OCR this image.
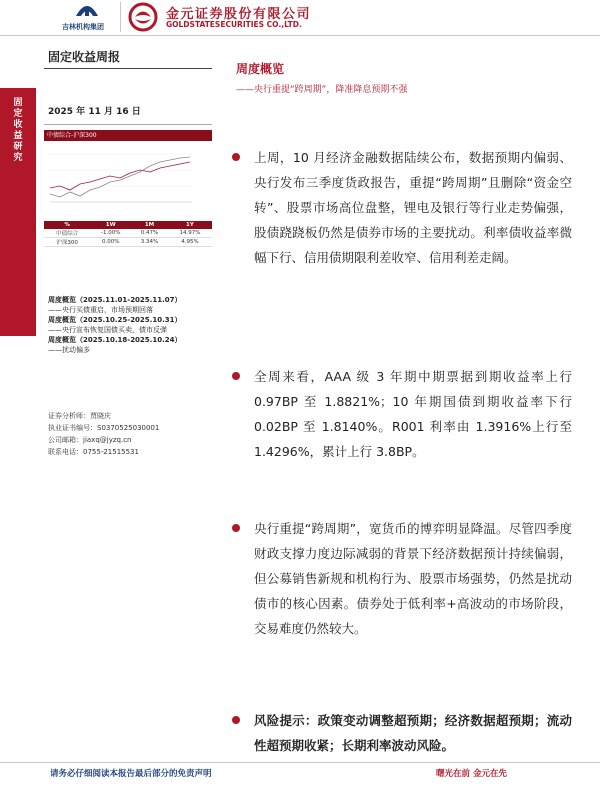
吉林机构集团
金元证券股份有限公司
GOLDSTATESECURITIES CO.,LTD.
固定收益研究
固定收益周报
2025 年 11 月 16 日
中债综合-沪深300
%	1W	1M	1Y
中债综合	-1.00%	0.47%	14.97%
沪深300	0.00%	3.34%	4.95%
周度概览（2025.11.01-2025.11.07）
——央行买债重启，市场预期回落
周度概览（2025.10.25-2025.10.31）
——央行宣布恢复国债买卖，债市反弹
周度概览（2025.10.18-2025.10.24）
——扰动偏多
证券分析师：贾晓庆
执业证书编号：S0370525030001
公司邮箱：jiaxq@jyzq.cn
联系电话：0755-21515531
周度概览
——央行重提“跨周期”，降准降息预期不强

上周，10 月经济金融数据陆续公布，数据预期内偏弱、央行发布三季度货政报告，重提“跨周期”且删除“资金空转”、股票市场高位盘整，锂电及银行等行业走势偏强，股债跷跷板仍然是债券市场的主要扰动。利率债收益率微幅下行、信用债期限利差收窄、信用利差走阔。

全周来看，AAA 级 3 年期中期票据到期收益率上行 0.97BP 至 1.8821%；10 年期国债到期收益率下行 0.02BP 至 1.8140%。R001 利率由 1.3916%上行至 1.4296%，累计上行 3.8BP。

央行重提“跨周期”，宽货币的博弈明显降温。尽管四季度财政支撑力度边际减弱的背景下经济数据预计持续偏弱，但公募销售新规和机构行为、股票市场强势，仍然是扰动债市的核心因素。债券处于低利率+高波动的市场阶段，交易难度仍然较大。

风险提示：政策变动调整超预期；经济数据超预期；流动性超预期收紧；长期利率波动风险。

请务必仔细阅读本报告最后部分的免责声明	曙光在前 金元在先
